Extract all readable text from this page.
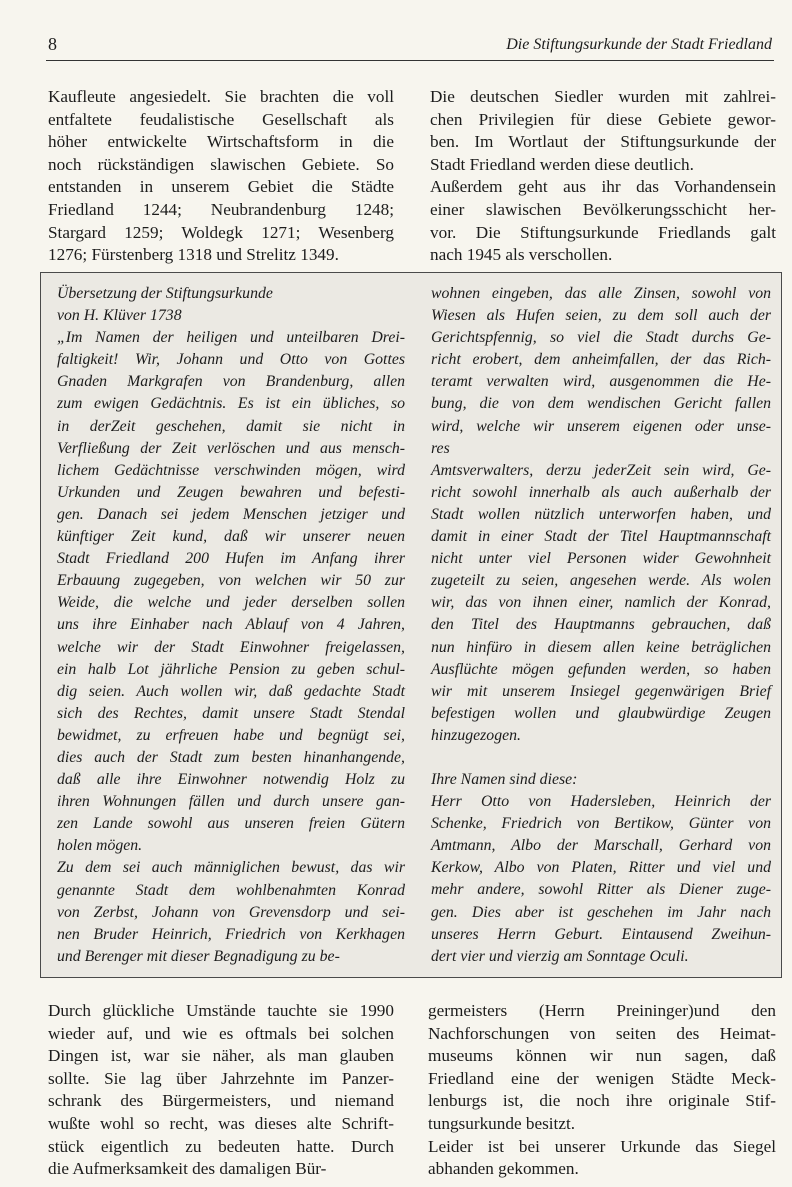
8	Die Stiftungsurkunde der Stadt Friedland
Kaufleute angesiedelt. Sie brachten die voll
entfaltete feudalistische Gesellschaft als
höher entwickelte Wirtschaftsform in die
noch rückständigen slawischen Gebiete. So
entstanden in unserem Gebiet die Städte
Friedland 1244; Neubrandenburg 1248;
Stargard 1259; Woldegk 1271; Wesenberg
1276; Fürstenberg 1318 und Strelitz 1349.
Die deutschen Siedler wurden mit zahlrei-
chen Privilegien für diese Gebiete gewor-
ben. Im Wortlaut der Stiftungsurkunde der
Stadt Friedland werden diese deutlich.
Außerdem geht aus ihr das Vorhandensein
einer slawischen Bevölkerungsschicht her-
vor. Die Stiftungsurkunde Friedlands galt
nach 1945 als verschollen.
Übersetzung der Stiftungsurkunde
von H. Klüver 1738
„Im Namen der heiligen und unteilbaren Drei-
faltigkeit! Wir, Johann und Otto von Gottes
Gnaden Markgrafen von Brandenburg, allen
zum ewigen Gedächtnis. Es ist ein übliches, so
in derZeit geschehen, damit sie nicht in
Verfließung der Zeit verlöschen und aus mensch-
lichem Gedächtnisse verschwinden mögen, wird
Urkunden und Zeugen bewahren und befesti-
gen. Danach sei jedem Menschen jetziger und
künftiger Zeit kund, daß wir unserer neuen
Stadt Friedland 200 Hufen im Anfang ihrer
Erbauung zugegeben, von welchen wir 50 zur
Weide, die welche und jeder derselben sollen
uns ihre Einhaber nach Ablauf von 4 Jahren,
welche wir der Stadt Einwohner freigelassen,
ein halb Lot jährliche Pension zu geben schul-
dig seien. Auch wollen wir, daß gedachte Stadt
sich des Rechtes, damit unsere Stadt Stendal
bewidmet, zu erfreuen habe und begnügt sei,
dies auch der Stadt zum besten hinanhangende,
daß alle ihre Einwohner notwendig Holz zu
ihren Wohnungen fällen und durch unsere gan-
zen Lande sowohl aus unseren freien Gütern
holen mögen.
Zu dem sei auch männiglichen bewust, das wir
genannte Stadt dem wohlbenahmten Konrad
von Zerbst, Johann von Grevensdorp und sei-
nen Bruder Heinrich, Friedrich von Kerkhagen
und Berenger mit dieser Begnadigung zu be-
wohnen eingeben, das alle Zinsen, sowohl von
Wiesen als Hufen seien, zu dem soll auch der
Gerichtspfennig, so viel die Stadt durchs Ge-
richt erobert, dem anheimfallen, der das Rich-
teramt verwalten wird, ausgenommen die He-
bung, die von dem wendischen Gericht fallen
wird, welche wir unserem eigenen oder unse-
res
Amtsverwalters, derzu jederZeit sein wird, Ge-
richt sowohl innerhalb als auch außerhalb der
Stadt wollen nützlich unterworfen haben, und
damit in einer Stadt der Titel Hauptmannschaft
nicht unter viel Personen wider Gewohnheit
zugeteilt zu seien, angesehen werde. Als wolen
wir, das von ihnen einer, namlich der Konrad,
den Titel des Hauptmanns gebrauchen, daß
nun hinfüro in diesem allen keine beträglichen
Ausflüchte mögen gefunden werden, so haben
wir mit unserem Insiegel gegenwärigen Brief
befestigen wollen und glaubwürdige Zeugen
hinzugezogen.
Ihre Namen sind diese:
Herr Otto von Hadersleben, Heinrich der
Schenke, Friedrich von Bertikow, Günter von
Amtmann, Albo der Marschall, Gerhard von
Kerkow, Albo von Platen, Ritter und viel und
mehr andere, sowohl Ritter als Diener zuge-
gen. Dies aber ist geschehen im Jahr nach
unseres Herrn Geburt. Eintausend Zweihun-
dert vier und vierzig am Sonntage Oculi.
Durch glückliche Umstände tauchte sie 1990
wieder auf, und wie es oftmals bei solchen
Dingen ist, war sie näher, als man glauben
sollte. Sie lag über Jahrzehnte im Panzer-
schrank des Bürgermeisters, und niemand
wußte wohl so recht, was dieses alte Schrift-
stück eigentlich zu bedeuten hatte. Durch
die Aufmerksamkeit des damaligen Bür-
germeisters (Herrn Preininger)und den
Nachforschungen von seiten des Heimat-
museums können wir nun sagen, daß
Friedland eine der wenigen Städte Meck-
lenburgs ist, die noch ihre originale Stif-
tungsurkunde besitzt.
Leider ist bei unserer Urkunde das Siegel
abhanden gekommen.
